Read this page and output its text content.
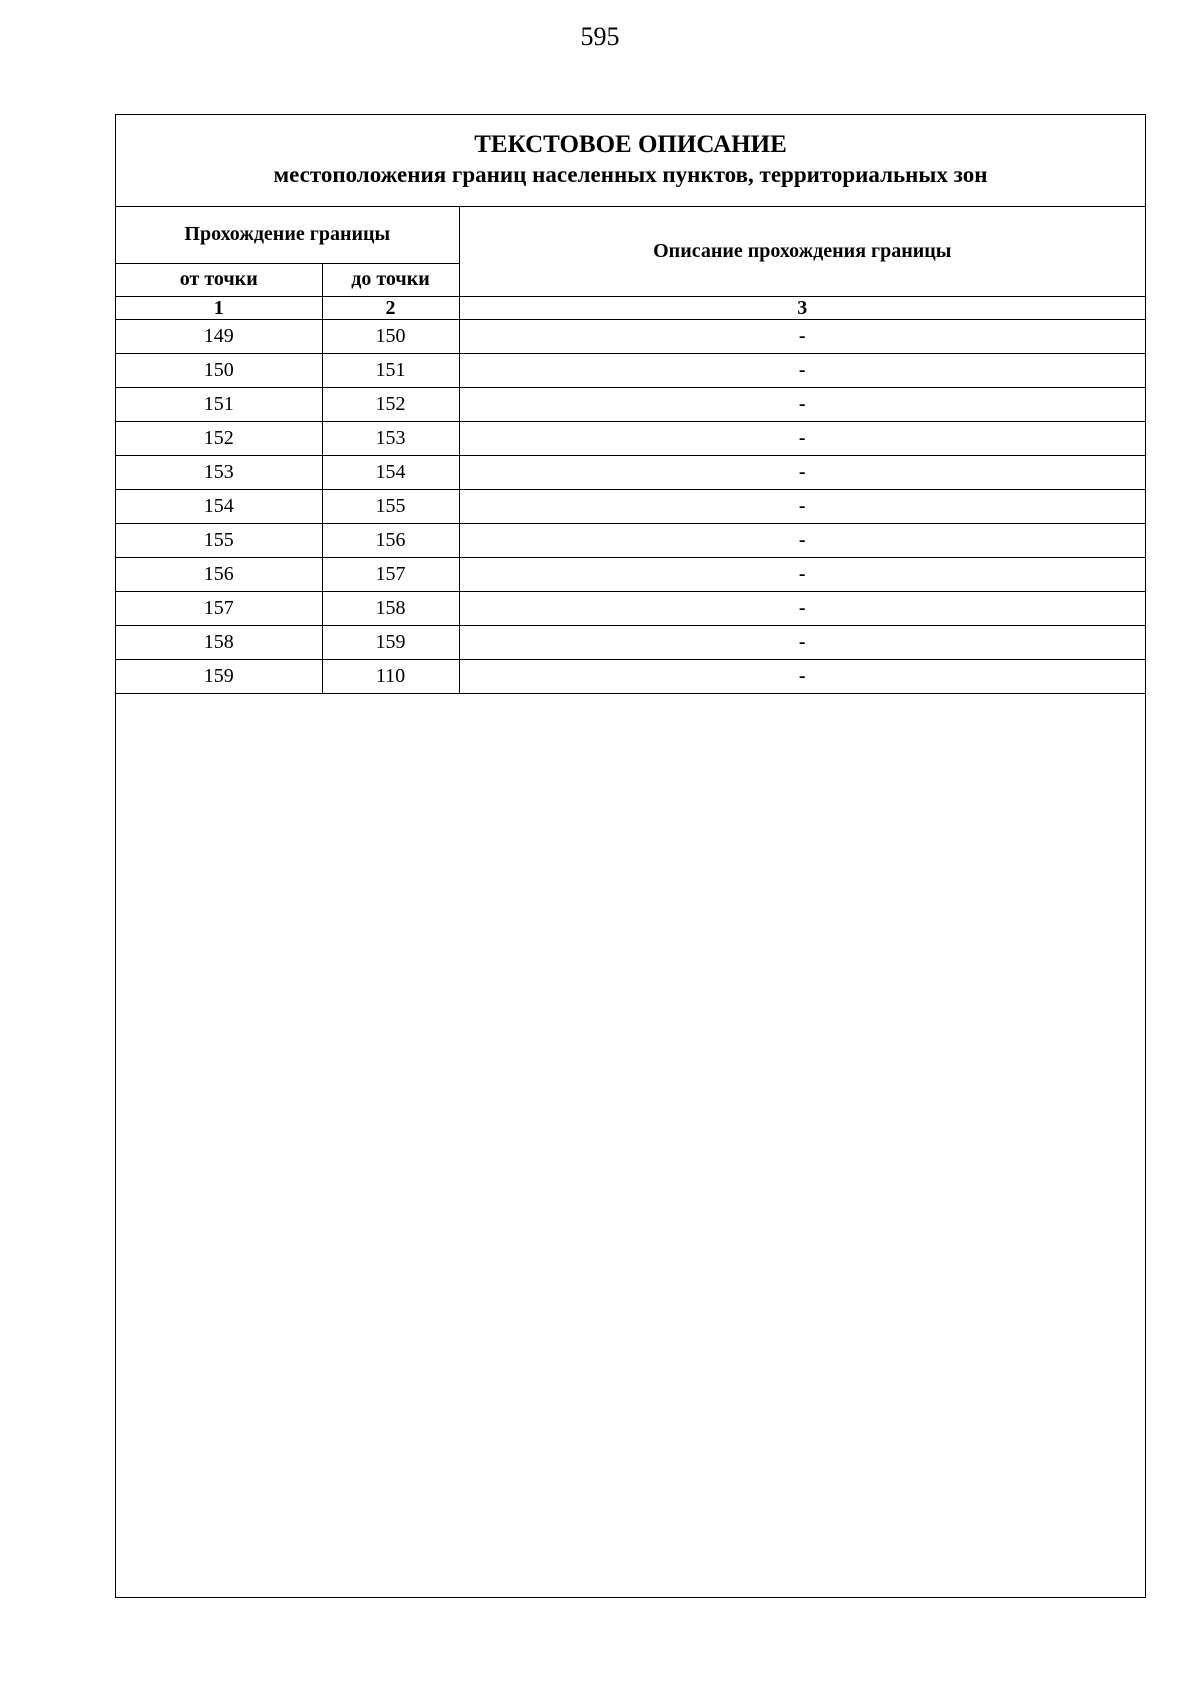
595
ТЕКСТОВОЕ ОПИСАНИЕ
местоположения границ населенных пунктов, территориальных зон
Прохождение границы		Описание прохождения границы
от точки	до точки	
1	2	3
149	150	-
150	151	-
151	152	-
152	153	-
153	154	-
154	155	-
155	156	-
156	157	-
157	158	-
158	159	-
159	110	-
